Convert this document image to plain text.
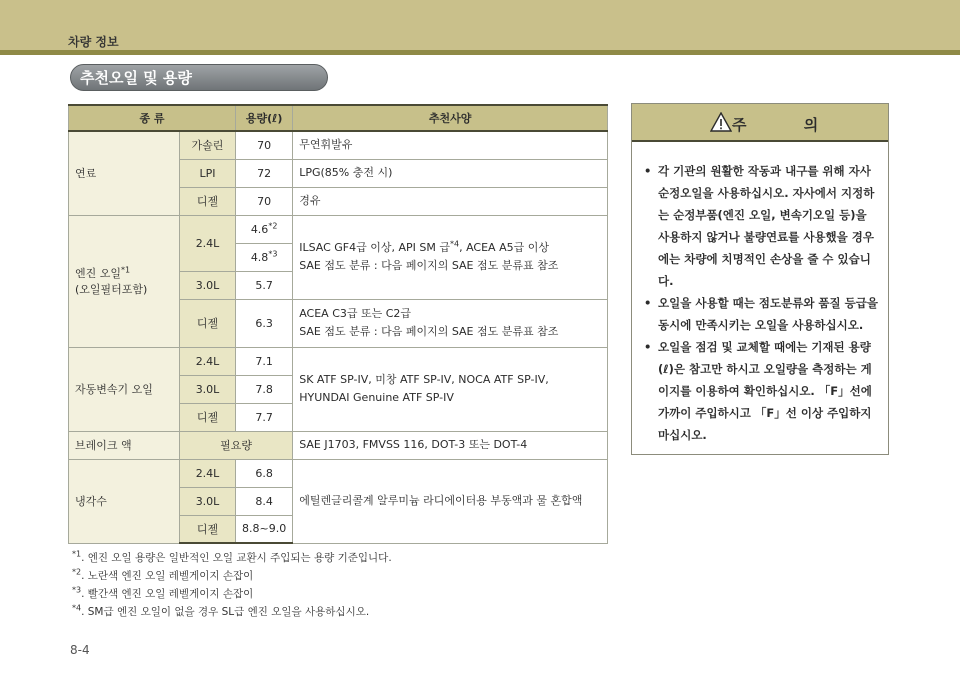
차량 정보
추천오일 및 용량
종 류		용량(ℓ)	추천사양
연료	가솔린	70	무연휘발유
	LPI	72	LPG(85% 충전 시)
	디젤	70	경유
엔진 오일$^{*1}$
(오일필터포함)	2.4L	4.6$^{*2}$	ILSAC GF4급 이상, API SM 급$^{*4}$, ACEA A5급 이상
SAE 점도 분류 : 다음 페이지의 SAE 점도 분류표 참조
		4.8$^{*3}$
	3.0L	5.7	
	디젤	6.3	ACEA C3급 또는 C2급
SAE 점도 분류 : 다음 페이지의 SAE 점도 분류표 참조
자동변속기 오일	2.4L	7.1	SK ATF SP-IV, 미창 ATF SP-IV, NOCA ATF SP-IV,
HYUNDAI Genuine ATF SP-IV
	3.0L	7.8	
	디젤	7.7	
브레이크 액	필요량		SAE J1703, FMVSS 116, DOT-3 또는 DOT-4
냉각수	2.4L	6.8	에틸렌글리콜계 알루미늄 라디에이터용 부동액과 물 혼합액
	3.0L	8.4	
	디젤	8.8~9.0	
$^{*1}$. 엔진 오일 용량은 일반적인 오일 교환시 주입되는 용량 기준입니다.
$^{*2}$. 노란색 엔진 오일 레벨게이지 손잡이
$^{*3}$. 빨간색 엔진 오일 레벨게이지 손잡이
$^{*4}$. SM급 엔진 오일이 없을 경우 SL급 엔진 오일을 사용하십시오.
주 의
• 각 기관의 원활한 작동과 내구를 위해 자사 순정오일을 사용하십시오. 자사에서 지정하는 순정부품(엔진 오일, 변속기오일 등)을 사용하지 않거나 불량연료를 사용했을 경우에는 차량에 치명적인 손상을 줄 수 있습니다.
• 오일을 사용할 때는 점도분류와 품질 등급을 동시에 만족시키는 오일을 사용하십시오.
• 오일을 점검 및 교체할 때에는 기재된 용량(ℓ)은 참고만 하시고 오일량을 측정하는 게이지를 이용하여 확인하십시오. 「F」선에 가까이 주입하시고 「F」선 이상 주입하지 마십시오.
8-4
